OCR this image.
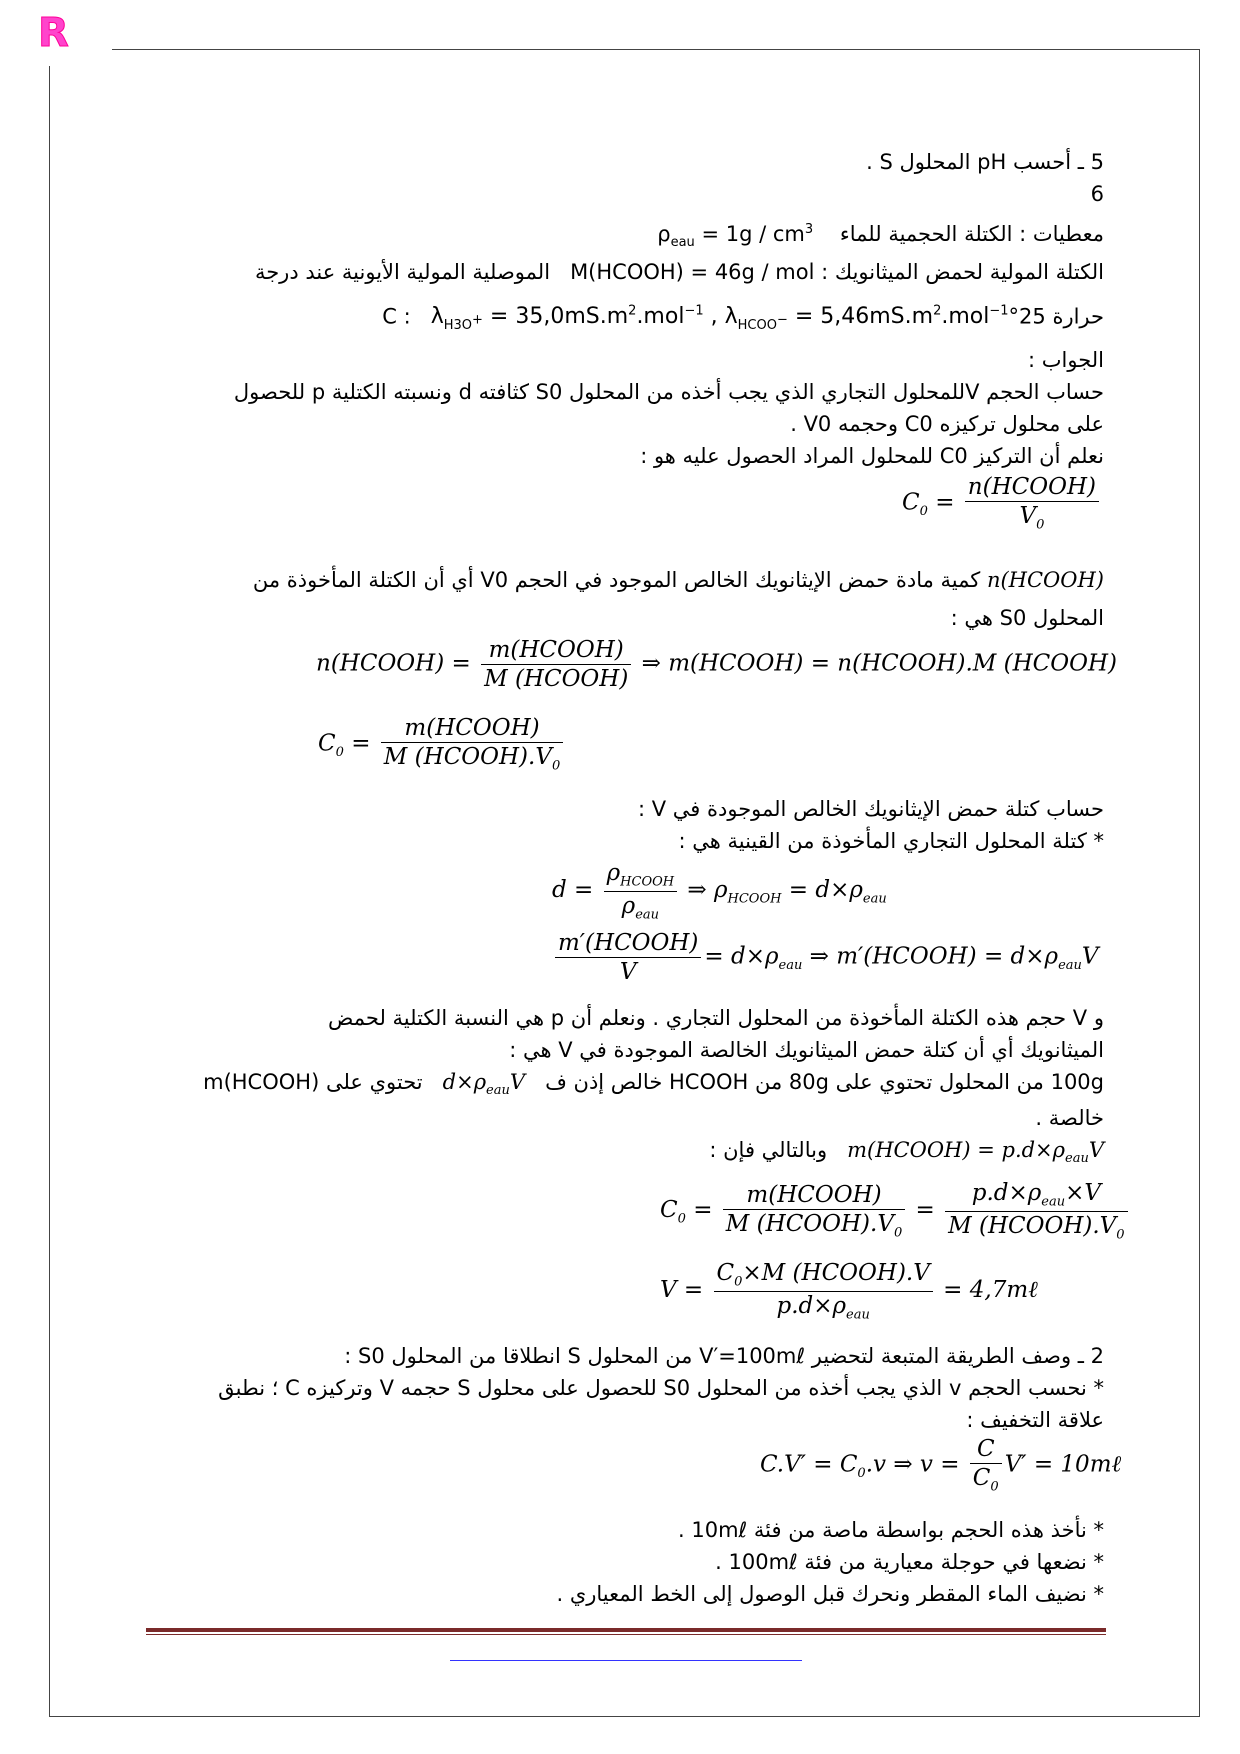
R
5 ـ أحسب pH المحلول S .
6
معطيات : الكتلة الحجمية للماء    $\rho_{eau} = 1g / cm^3$
الكتلة المولية لحمض الميثانويك : M(HCOOH) = 46g / mol   الموصلية المولية الأيونية عند درجة
حرارة 25°C :   $\lambda_{H3O^+} = 35,0mS.m^2.mol^{-1}$ , $\lambda_{HCOO^-} = 5,46mS.m^2.mol^{-1}$
الجواب :
حساب الحجم Vللمحلول التجاري الذي يجب أخذه من المحلول S0 كثافته d ونسبته الكتلية p للحصول
على محلول تركيزه C0 وحجمه V0 .
نعلم أن التركيز C0 للمحلول المراد الحصول عليه هو :
$C_0 = \frac{\text{n(HCOOH)}}{V_0}$
n(HCOOH) كمية مادة حمض الإيثانويك الخالص الموجود في الحجم V0 أي أن الكتلة المأخوذة من
المحلول S0 هي :
n(HCOOH) = $\frac{\text{m(HCOOH)}}{\text{M (HCOOH)}}$ ⇒ m(HCOOH) = n(HCOOH).M (HCOOH)
$C_0 = \frac{\text{m(HCOOH)}}{M (HCOOH).V_0}$
حساب كتلة حمض الإيثانويك الخالص الموجودة في V :
* كتلة المحلول التجاري المأخوذة من القينية هي :
$d = \frac{\rho_{HCOOH}}{\rho_{eau}}$ ⇒ $\rho_{HCOOH} = d\times\rho_{eau}$
$\frac{\text{m′(HCOOH)}}{V} = d\times\rho_{eau}$ ⇒ m′(HCOOH) = $d\times\rho_{eau}V$
و V حجم هذه الكتلة المأخوذة من المحلول التجاري . ونعلم أن p هي النسبة الكتلية لحمض
الميثانويك أي أن كتلة حمض الميثانويك الخالصة الموجودة في V هي :
100g من المحلول تحتوي على 80g من HCOOH خالص إذن ف   $d\times\rho_{eau}V$   تحتوي على m(HCOOH)
خالصة .
m(HCOOH) = $p.d\times\rho_{eau}V$   وبالتالي فإن :
$C_0 = \frac{\text{m(HCOOH)}}{M (HCOOH).V_0} = \frac{p.d\times\rho_{eau}\times V}{M (HCOOH).V_0}$
$V = \frac{C_0\times M (HCOOH).V}{p.d\times\rho_{eau}}$ = 4,7mℓ
2 ـ وصف الطريقة المتبعة لتحضير V′=100mℓ من المحلول S انطلاقا من المحلول S0 :
* نحسب الحجم v الذي يجب أخذه من المحلول S0 للحصول على محلول S حجمه V وتركيزه C ؛ نطبق
علاقة التخفيف :
$C.V' = C_0.v$ ⇒ $v = \frac{C}{C_0} V'$ = 10mℓ
* نأخذ هذه الحجم بواسطة ماصة من فئة 10mℓ .
* نضعها في حوجلة معيارية من فئة 100mℓ .
* نضيف الماء المقطر ونحرك قبل الوصول إلى الخط المعياري .
